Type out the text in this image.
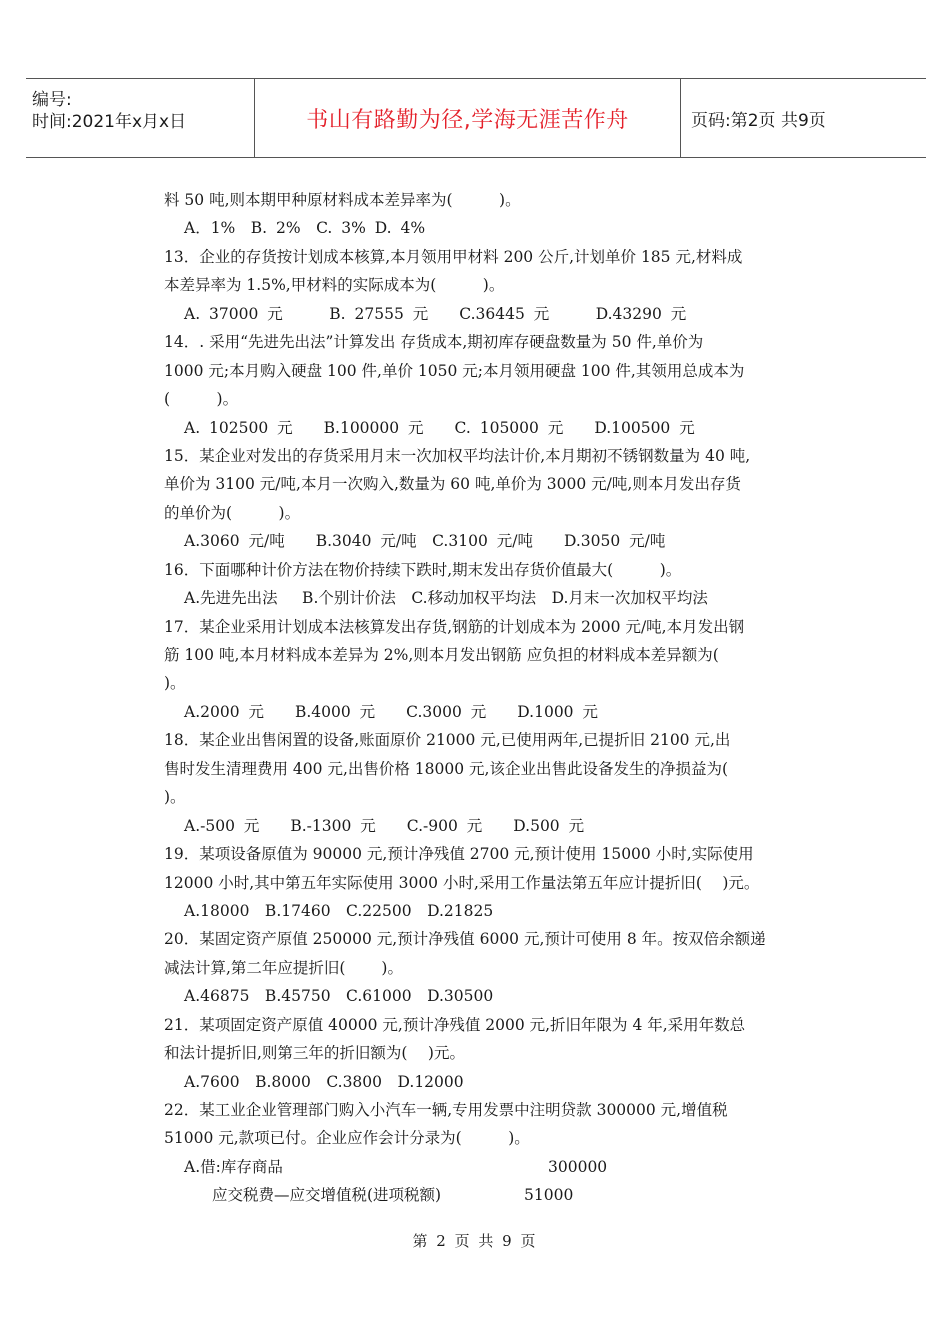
编号:
时间:2021年x月x日	书山有路勤为径,学海无涯苦作舟	页码:第2页 共9页
料 50 吨,则本期甲种原材料成本差异率为(　　　)。
A．1%　B. 2%　C. 3% D. 4%
13．企业的存货按计划成本核算,本月领用甲材料 200 公斤,计划单价 185 元,材料成
本差异率为 1.5%,甲材料的实际成本为(　　　)。
A. 37000 元　　　B. 27555 元　　C.36445 元　　　D.43290 元
14．. 采用“先进先出法”计算发出 存货成本,期初库存硬盘数量为 50 件,单价为
1000 元;本月购入硬盘 100 件,单价 1050 元;本月领用硬盘 100 件,其领用总成本为
(　　　)。
A. 102500 元　　B.100000 元　　C. 105000 元　　D.100500 元
15．某企业对发出的存货采用月末一次加权平均法计价,本月期初不锈钢数量为 40 吨,
单价为 3100 元/吨,本月一次购入,数量为 60 吨,单价为 3000 元/吨,则本月发出存货
的单价为(　　　)。
A.3060 元/吨　　B.3040 元/吨　C.3100 元/吨　　D.3050 元/吨
16．下面哪种计价方法在物价持续下跌时,期末发出存货价值最大(　　　)。
A.先进先出法　 B.个别计价法　C.移动加权平均法　D.月末一次加权平均法
17．某企业采用计划成本法核算发出存货,钢筋的计划成本为 2000 元/吨,本月发出钢
筋 100 吨,本月材料成本差异为 2%,则本月发出钢筋 应负担的材料成本差异额为(
)。
A.2000 元　　B.4000 元　　C.3000 元　　D.1000 元
18．某企业出售闲置的设备,账面原价 21000 元,已使用两年,已提折旧 2100 元,出
售时发生清理费用 400 元,出售价格 18000 元,该企业出售此设备发生的净损益为(
)。
A.-500 元　　B.-1300 元　　C.-900 元　　D.500 元
19．某项设备原值为 90000 元,预计净残值 2700 元,预计使用 15000 小时,实际使用
12000 小时,其中第五年实际使用 3000 小时,采用工作量法第五年应计提折旧(　 )元。
A.18000　B.17460　C.22500　D.21825
20．某固定资产原值 250000 元,预计净残值 6000 元,预计可使用 8 年。按双倍余额递
减法计算,第二年应提折旧(　　 )。
A.46875　B.45750　C.61000　D.30500
21．某项固定资产原值 40000 元,预计净残值 2000 元,折旧年限为 4 年,采用年数总
和法计提折旧,则第三年的折旧额为(　 )元。
A.7600　B.8000　C.3800　D.12000
22．某工业企业管理部门购入小汽车一辆,专用发票中注明贷款 300000 元,增值税
51000 元,款项已付。企业应作会计分录为(　　　)。
A.借:库存商品	300000
应交税费—应交增值税(进项税额)	51000
第 2 页 共 9 页
